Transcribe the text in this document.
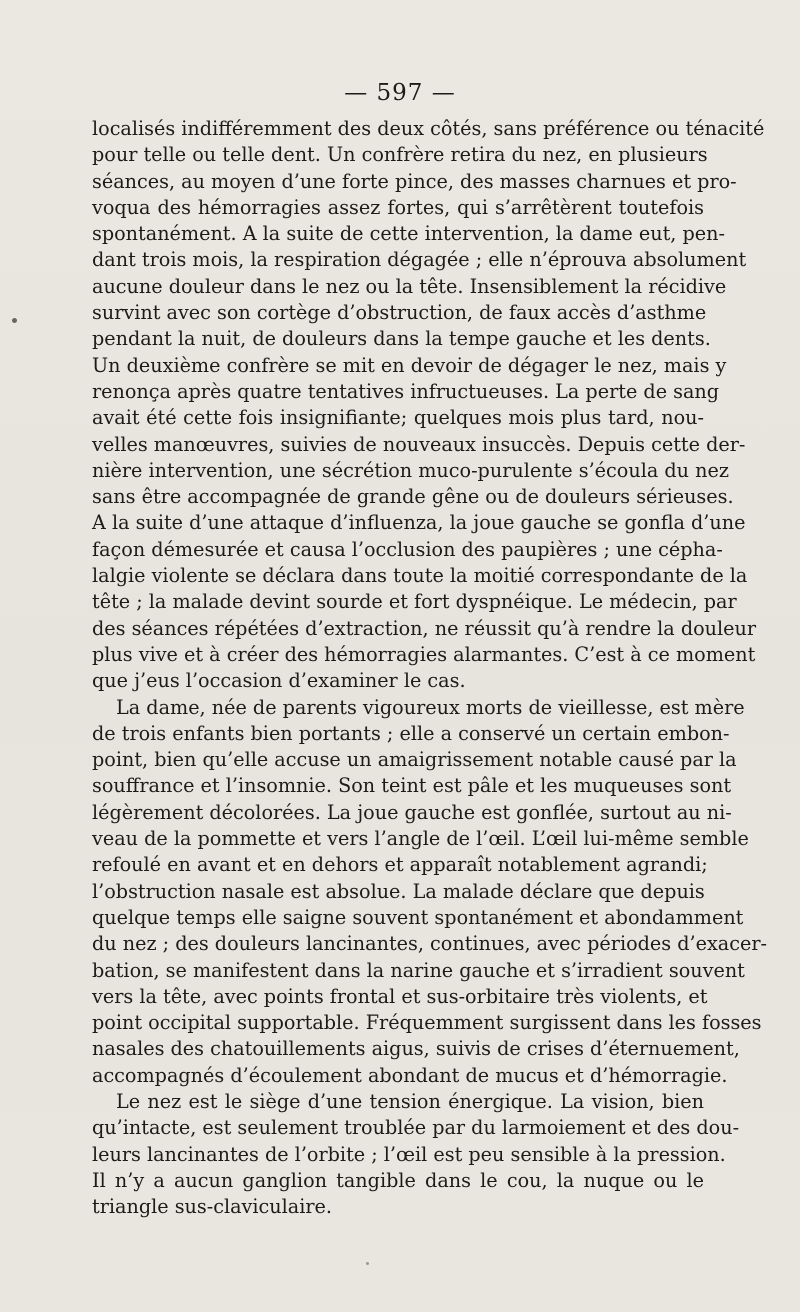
— 597 —
localisés indifféremment des deux côtés, sans préférence ou ténacité
pour telle ou telle dent. Un confrère retira du nez, en plusieurs
séances, au moyen d’une forte pince, des masses charnues et pro-
voqua des hémorragies assez fortes, qui s’arrêtèrent toutefois
spontanément. A la suite de cette intervention, la dame eut, pen-
dant trois mois, la respiration dégagée ; elle n’éprouva absolument
aucune douleur dans le nez ou la tête. Insensiblement la récidive
survint avec son cortège d’obstruction, de faux accès d’asthme
pendant la nuit, de douleurs dans la tempe gauche et les dents.
Un deuxième confrère se mit en devoir de dégager le nez, mais y
renonça après quatre tentatives infructueuses. La perte de sang
avait été cette fois insignifiante; quelques mois plus tard, nou-
velles manœuvres, suivies de nouveaux insuccès. Depuis cette der-
nière intervention, une sécrétion muco-purulente s’écoula du nez
sans être accompagnée de grande gêne ou de douleurs sérieuses.
A la suite d’une attaque d’influenza, la joue gauche se gonfla d’une
façon démesurée et causa l’occlusion des paupières ; une cépha-
lalgie violente se déclara dans toute la moitié correspondante de la
tête ; la malade devint sourde et fort dyspnéique. Le médecin, par
des séances répétées d’extraction, ne réussit qu’à rendre la douleur
plus vive et à créer des hémorragies alarmantes. C’est à ce moment
que j’eus l’occasion d’examiner le cas.
La dame, née de parents vigoureux morts de vieillesse, est mère
de trois enfants bien portants ; elle a conservé un certain embon-
point, bien qu’elle accuse un amaigrissement notable causé par la
souffrance et l’insomnie. Son teint est pâle et les muqueuses sont
légèrement décolorées. La joue gauche est gonflée, surtout au ni-
veau de la pommette et vers l’angle de l’œil. L’œil lui-même semble
refoulé en avant et en dehors et apparaît notablement agrandi;
l’obstruction nasale est absolue. La malade déclare que depuis
quelque temps elle saigne souvent spontanément et abondamment
du nez ; des douleurs lancinantes, continues, avec périodes d’exacer-
bation, se manifestent dans la narine gauche et s’irradient souvent
vers la tête, avec points frontal et sus-orbitaire très violents, et
point occipital supportable. Fréquemment surgissent dans les fosses
nasales des chatouillements aigus, suivis de crises d’éternuement,
accompagnés d’écoulement abondant de mucus et d’hémorragie.
Le nez est le siège d’une tension énergique. La vision, bien
qu’intacte, est seulement troublée par du larmoiement et des dou-
leurs lancinantes de l’orbite ; l’œil est peu sensible à la pression.
Il n’y a aucun ganglion tangible dans le cou, la nuque ou le
triangle sus-claviculaire.
